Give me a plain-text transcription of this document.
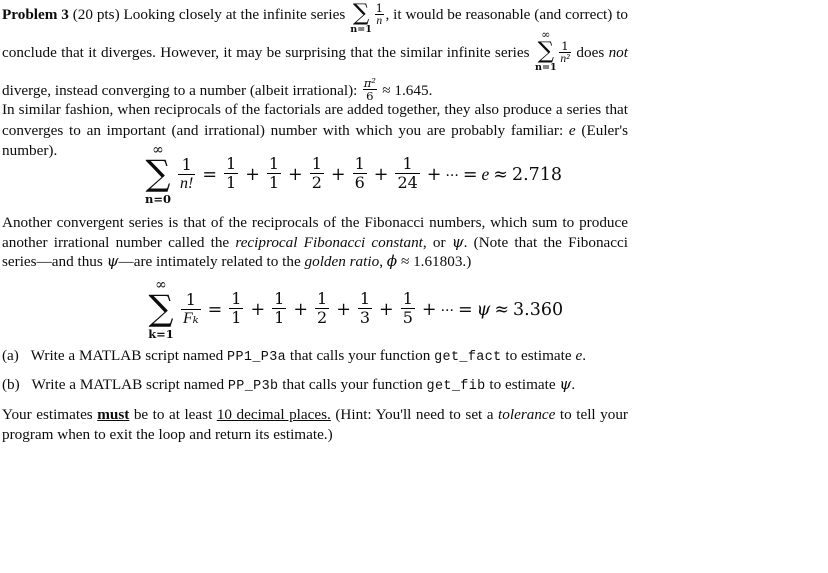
Problem 3 (20 pts) Looking closely at the infinite series ∑
n=1
$\frac{1}{n}$ , it would be reasonable (and correct) to conclude that it diverges. However, it may be surprising that the similar infinite series
∞
∑
n=1
$\frac{1}{\text{n²}}$ does not diverge, instead converging to a number (albeit irrational): $\frac{\text{π²}}{6} \approx 1.645$.
In similar fashion, when reciprocals of the factorials are added together, they also produce a series that converges to an important (and irrational) number with which you are probably familiar: e (Euler's number).	∞
∑
n=0
$\frac{1}{n!} = \frac{1}{1} + \frac{1}{1} + \frac{1}{2} + \frac{1}{6} + \frac{1}{24}$ + ··· = e ≈ 2.718
Another convergent series is that of the reciprocals of the Fibonacci numbers, which sum to produce another irrational number called the reciprocal Fibonacci constant, or ψ. (Note that the Fibonacci series—and thus ψ—are intimately related to the golden ratio, ϕ ≈ 1.61803.)
∞
∑
k=1
$\frac{1}{\text{Fₖ}} = \frac{1}{1} + \frac{1}{1} + \frac{1}{2} + \frac{1}{3} + \frac{1}{5}$ + ··· = ψ ≈ 3.360
(a) Write a MATLAB script named PP1_P3a that calls your function get_fact to estimate e.
(b) Write a MATLAB script named PP_P3b that calls your function get_fib to estimate ψ.
Your estimates must be to at least 10 decimal places. (Hint: You'll need to set a tolerance to tell your program when to exit the loop and return its estimate.)
